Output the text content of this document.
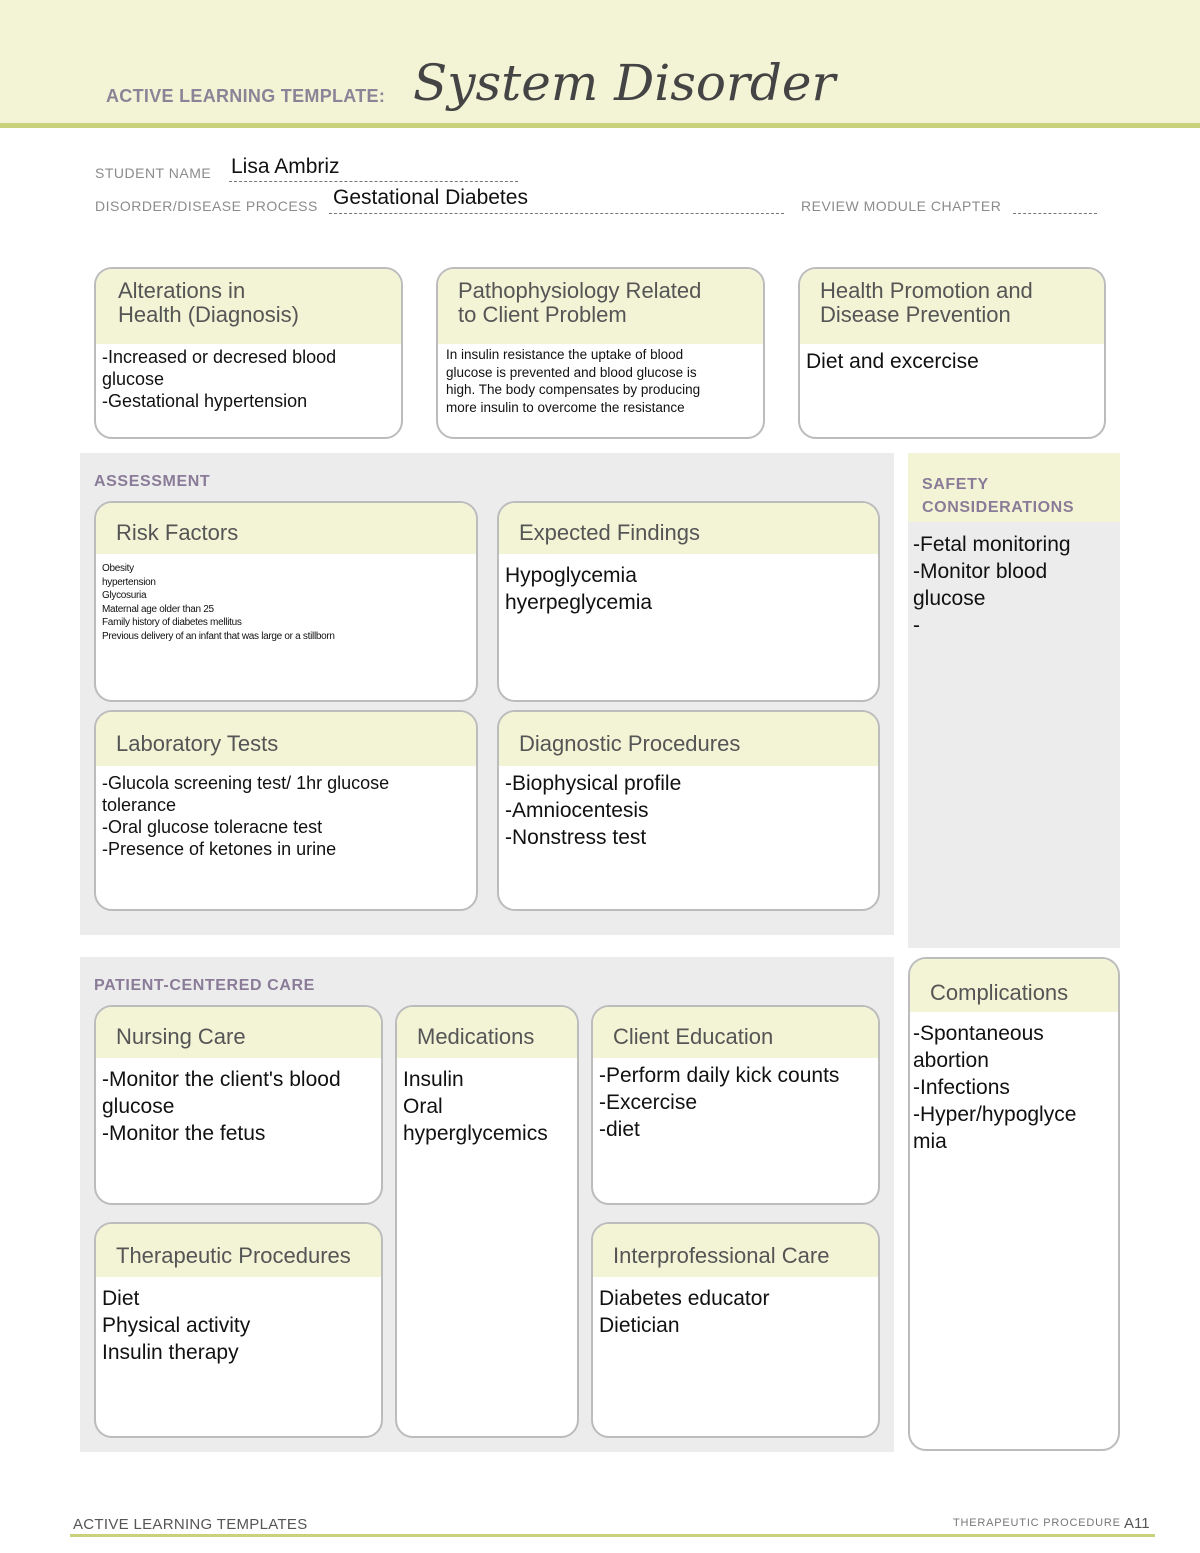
ACTIVE LEARNING TEMPLATE: System Disorder
STUDENT NAME Lisa Ambriz
DISORDER/DISEASE PROCESS Gestational Diabetes	REVIEW MODULE CHAPTER
Alterations in
Health (Diagnosis)
-Increased or decresed blood
glucose
-Gestational hypertension
Pathophysiology Related
to Client Problem
In insulin resistance the uptake of blood
glucose is prevented and blood glucose is
high. The body compensates by producing
more insulin to overcome the resistance
Health Promotion and
Disease Prevention
Diet and excercise
ASSESSMENT
Risk Factors
Obesity
hypertension
Glycosuria
Maternal age older than 25
Family history of diabetes mellitus
Previous delivery of an infant that was large or a stillborn
Expected Findings
Hypoglycemia
hyerpeglycemia
Laboratory Tests
-Glucola screening test/ 1hr glucose
tolerance
-Oral glucose toleracne test
-Presence of ketones in urine
Diagnostic Procedures
-Biophysical profile
-Amniocentesis
-Nonstress test
SAFETY
CONSIDERATIONS
-Fetal monitoring
-Monitor blood
glucose
-
PATIENT-CENTERED CARE
Nursing Care
-Monitor the client's blood
glucose
-Monitor the fetus
Medications
Insulin
Oral
hyperglycemics
Client Education
-Perform daily kick counts
-Excercise
-diet
Therapeutic Procedures
Diet
Physical activity
Insulin therapy
Interprofessional Care
Diabetes educator
Dietician
Complications
-Spontaneous
abortion
-Infections
-Hyper/hypoglyce
mia
ACTIVE LEARNING TEMPLATES	THERAPEUTIC PROCEDURE A11
